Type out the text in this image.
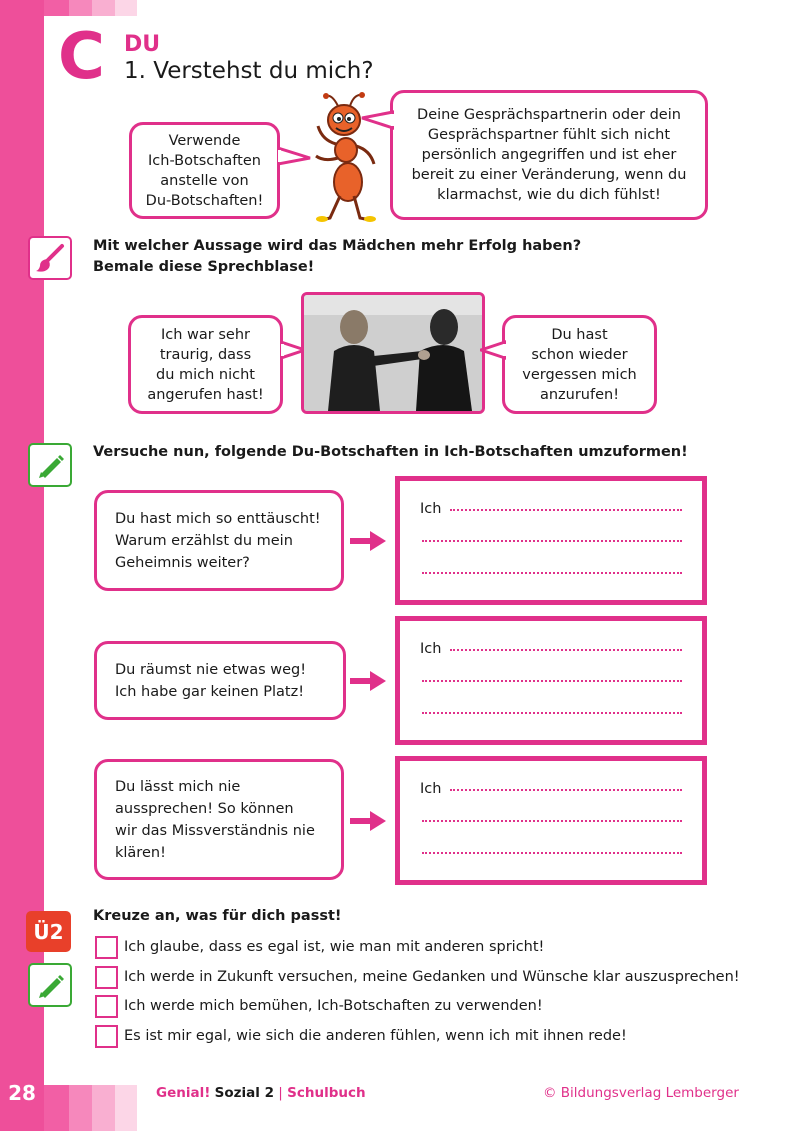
C DU
1. Verstehst du mich?
Verwende
Ich-Botschaften
anstelle von
Du-Botschaften!
Deine Gesprächspartnerin oder dein
Gesprächspartner fühlt sich nicht
persönlich angegriffen und ist eher
bereit zu einer Veränderung, wenn du
klarmachst, wie du dich fühlst!
Mit welcher Aussage wird das Mädchen mehr Erfolg haben?
Bemale diese Sprechblase!
Ich war sehr
traurig, dass
du mich nicht
angerufen hast!
Du hast
schon wieder
vergessen mich
anzurufen!
Versuche nun, folgende Du-Botschaften in Ich-Botschaften umzuformen!
Du hast mich so enttäuscht!
Warum erzählst du mein
Geheimnis weiter?
Ich
Du räumst nie etwas weg!
Ich habe gar keinen Platz!
Ich
Du lässt mich nie
aussprechen! So können
wir das Missverständnis nie
klären!
Ich
Ü2
Kreuze an, was für dich passt!
Ich glaube, dass es egal ist, wie man mit anderen spricht!
Ich werde in Zukunft versuchen, meine Gedanken und Wünsche klar auszusprechen!
Ich werde mich bemühen, Ich-Botschaften zu verwenden!
Es ist mir egal, wie sich die anderen fühlen, wenn ich mit ihnen rede!
28	Genial! Sozial 2 | Schulbuch	© Bildungsverlag Lemberger
